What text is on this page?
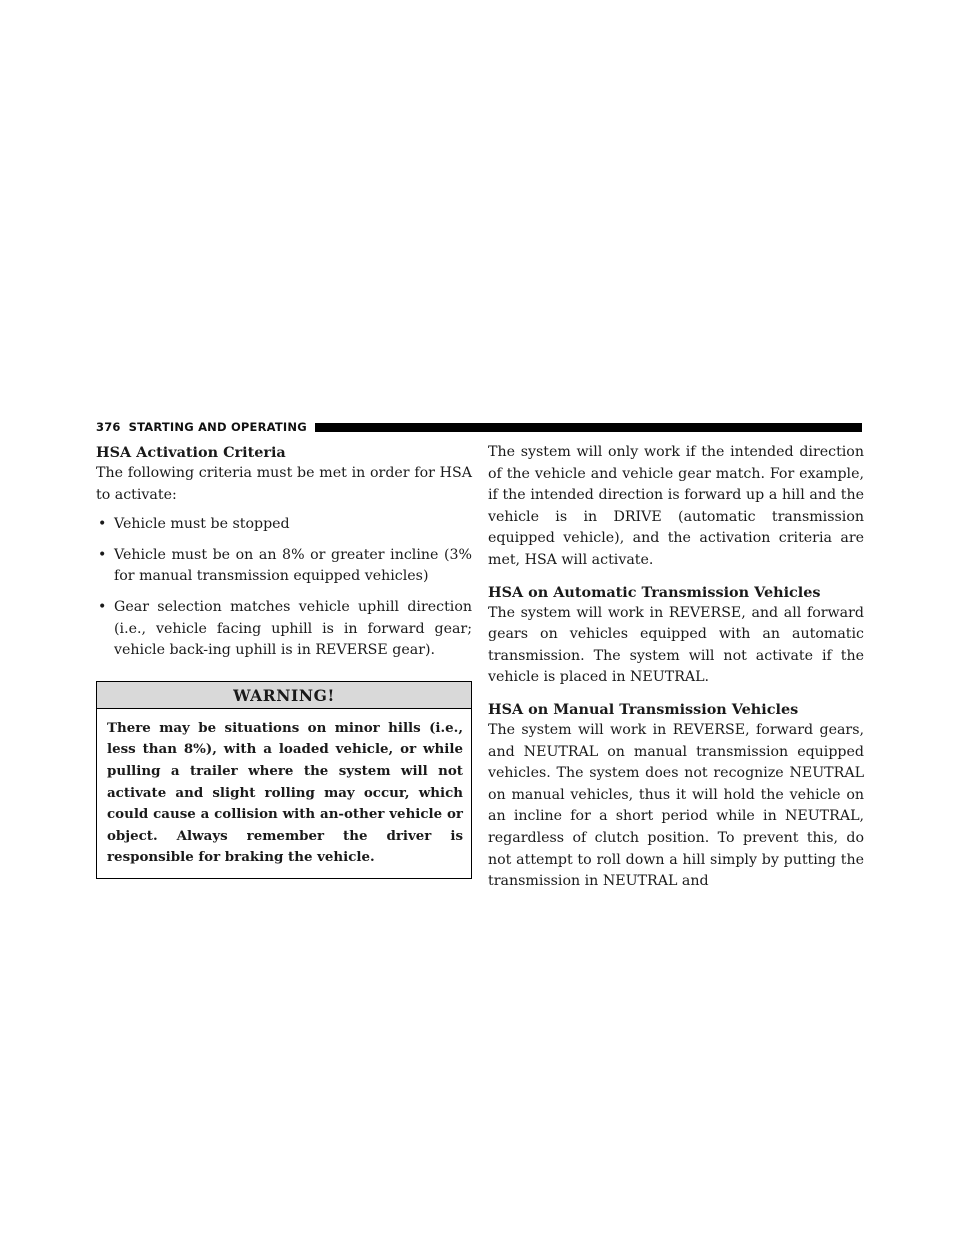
376 STARTING AND OPERATING
HSA Activation Criteria

The following criteria must be met in order for HSA to activate:

• Vehicle must be stopped
• Vehicle must be on an 8% or greater incline (3% for manual transmission equipped vehicles)
• Gear selection matches vehicle uphill direction (i.e., vehicle facing uphill is in forward gear; vehicle back-ing uphill is in REVERSE gear).
WARNING!
There may be situations on minor hills (i.e., less than 8%), with a loaded vehicle, or while pulling a trailer where the system will not activate and slight rolling may occur, which could cause a collision with an-other vehicle or object. Always remember the driver is responsible for braking the vehicle.

The system will only work if the intended direction of the vehicle and vehicle gear match. For example, if the intended direction is forward up a hill and the vehicle is in DRIVE (automatic transmission equipped vehicle), and the activation criteria are met, HSA will activate.

HSA on Automatic Transmission Vehicles

The system will work in REVERSE, and all forward gears on vehicles equipped with an automatic transmission. The system will not activate if the vehicle is placed in NEUTRAL.

HSA on Manual Transmission Vehicles

The system will work in REVERSE, forward gears, and NEUTRAL on manual transmission equipped vehicles. The system does not recognize NEUTRAL on manual vehicles, thus it will hold the vehicle on an incline for a short period while in NEUTRAL, regardless of clutch position. To prevent this, do not attempt to roll down a hill simply by putting the transmission in NEUTRAL and
